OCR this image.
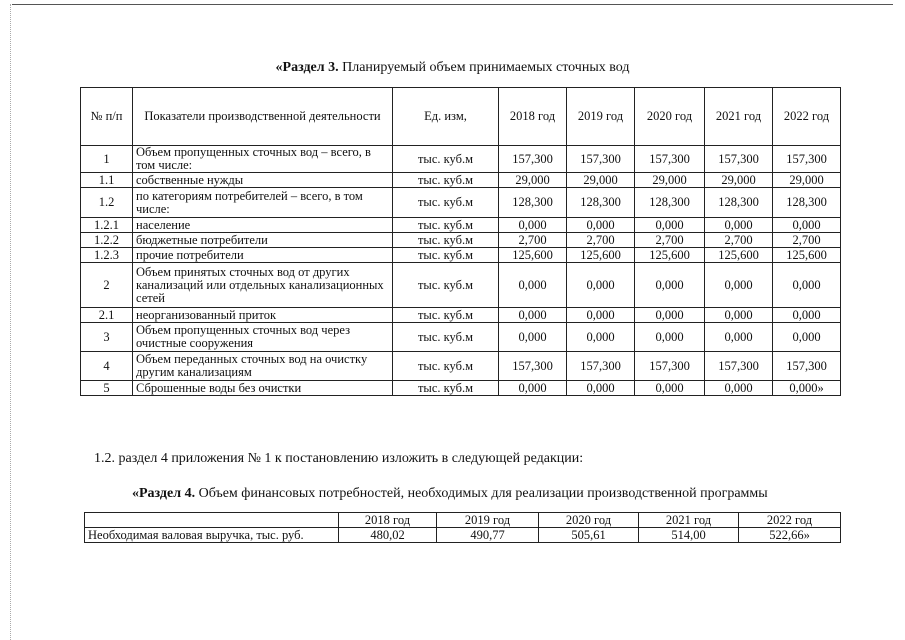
«Раздел 3. Планируемый объем принимаемых сточных вод
№ п/п	Показатели производственной деятельности	Ед. изм,	2018 год	2019 год	2020 год	2021 год	2022 год
1	Объем пропущенных сточных вод – всего, в том числе:	тыс. куб.м	157,300	157,300	157,300	157,300	157,300
1.1	собственные нужды	тыс. куб.м	29,000	29,000	29,000	29,000	29,000
1.2	по категориям потребителей – всего, в том числе:	тыс. куб.м	128,300	128,300	128,300	128,300	128,300
1.2.1	население	тыс. куб.м	0,000	0,000	0,000	0,000	0,000
1.2.2	бюджетные потребители	тыс. куб.м	2,700	2,700	2,700	2,700	2,700
1.2.3	прочие потребители	тыс. куб.м	125,600	125,600	125,600	125,600	125,600
2	Объем принятых сточных вод от других канализаций или отдельных канализационных сетей	тыс. куб.м	0,000	0,000	0,000	0,000	0,000
2.1	неорганизованный приток	тыс. куб.м	0,000	0,000	0,000	0,000	0,000
3	Объем пропущенных сточных вод через очистные сооружения	тыс. куб.м	0,000	0,000	0,000	0,000	0,000
4	Объем переданных сточных вод на очистку другим канализациям	тыс. куб.м	157,300	157,300	157,300	157,300	157,300
5	Сброшенные воды без очистки	тыс. куб.м	0,000	0,000	0,000	0,000	0,000»
1.2. раздел 4 приложения № 1 к постановлению изложить в следующей редакции:
«Раздел 4. Объем финансовых потребностей, необходимых для реализации производственной программы
	2018 год	2019 год	2020 год	2021 год	2022 год
Необходимая валовая выручка, тыс. руб.	480,02	490,77	505,61	514,00	522,66»
